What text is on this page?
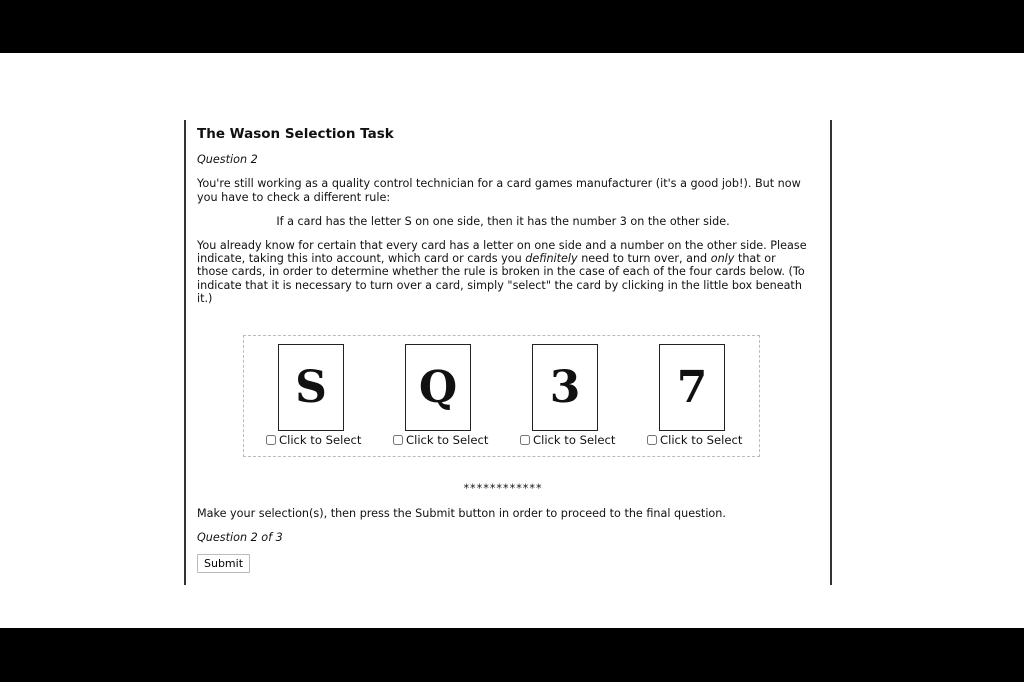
The Wason Selection Task

Question 2

You're still working as a quality control technician for a card games manufacturer (it's a good job!). But now you have to check a different rule:

If a card has the letter S on one side, then it has the number 3 on the other side.

You already know for certain that every card has a letter on one side and a number on the other side. Please indicate, taking this into account, which card or cards you definitely need to turn over, and only that or those cards, in order to determine whether the rule is broken in the case of each of the four cards below. (To indicate that it is necessary to turn over a card, simply "select" the card by clicking in the little box beneath it.)

S
Click to Select
Q
Click to Select
3
Click to Select
7
Click to Select
************

Make your selection(s), then press the Submit button in order to proceed to the final question.

Question 2 of 3

Submit
